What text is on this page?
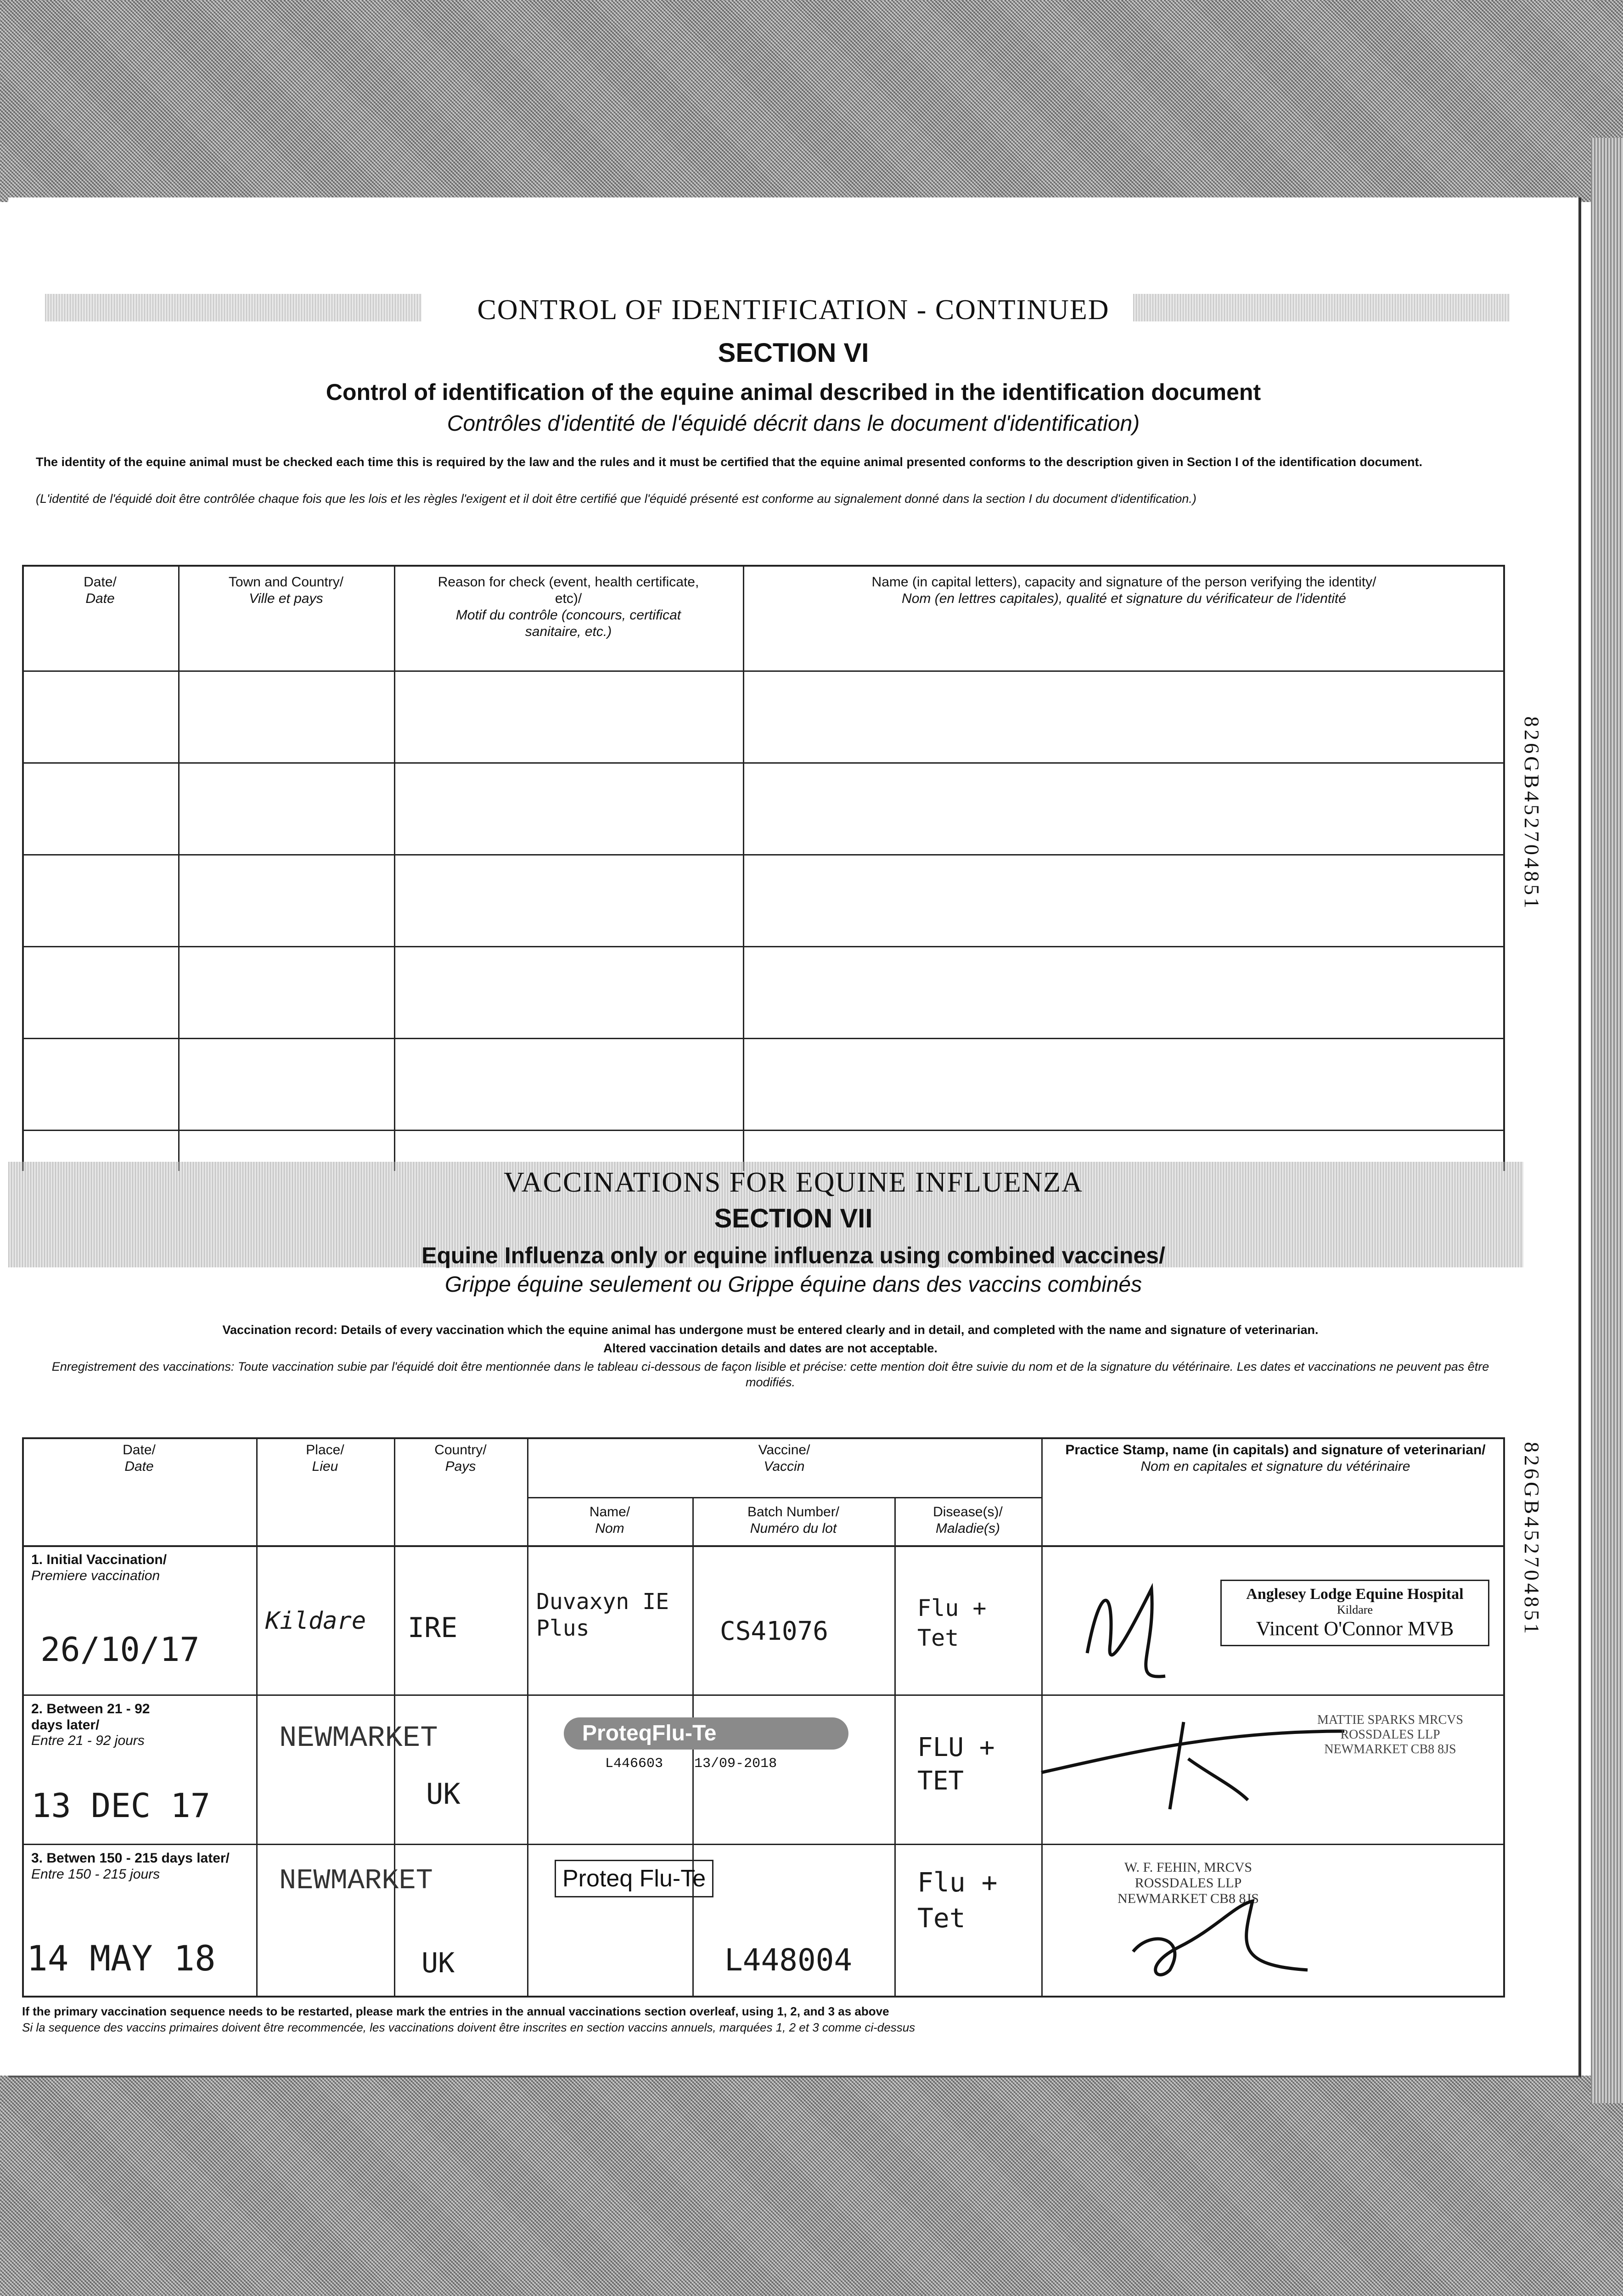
CONTROL OF IDENTIFICATION - CONTINUED
SECTION VI
Control of identification of the equine animal described in the identification document
Contrôles d'identité de l'équidé décrit dans le document d'identification)
The identity of the equine animal must be checked each time this is required by the law and the rules and it must be certified that the equine animal presented conforms to the description given in Section I of the identification document.
(L'identité de l'équidé doit être contrôlée chaque fois que les lois et les règles l'exigent et il doit être certifié que l'équidé présenté est conforme au signalement donné dans la section I du document d'identification.)
Date/
Date
Town and Country/
Ville et pays
Reason for check (event, health certificate, etc)/
Motif du contrôle (concours, certificat sanitaire, etc.)
Name (in capital letters), capacity and signature of the person verifying the identity/
Nom (en lettres capitales), qualité et signature du vérificateur de l'identité
826GB452704851
826GB452704851
VACCINATIONS FOR EQUINE INFLUENZA
SECTION VII
Equine Influenza only or equine influenza using combined vaccines/
Grippe équine seulement ou Grippe équine dans des vaccins combinés
Vaccination record: Details of every vaccination which the equine animal has undergone must be entered clearly and in detail, and completed with the name and signature of veterinarian.
Altered vaccination details and dates are not acceptable.
Enregistrement des vaccinations: Toute vaccination subie par l'équidé doit être mentionnée dans le tableau ci-dessous de façon lisible et précise: cette mention doit être suivie du nom et de la signature du vétérinaire. Les dates et vaccinations ne peuvent pas être modifiés.
Date/
Date
Place/
Lieu
Country/
Pays
Vaccine/
Vaccin
Name/
Nom
Batch Number/
Numéro du lot
Disease(s)/
Maladie(s)
Practice Stamp, name (in capitals) and signature of veterinarian/
Nom en capitales et signature du vétérinaire
1. Initial Vaccination/
Premiere vaccination
26/10/17
Kildare IRE
Duvaxyn IE Plus	CS41076
Flu + Tet
Anglesey Lodge Equine Hospital
Kildare
Vincent O'Connor MVB
2. Between 21 - 92 days later/
Entre 21 - 92 jours
13 DEC 17
NEWMARKET
UK
ProteqFlu-Te
L446603 13/09-2018
FLU + TET
MATTIE SPARKS MRCVS
ROSSDALES LLP
NEWMARKET CB8 8JS
3. Betwen 150 - 215 days later/
Entre 150 - 215 jours
14 MAY 18
NEWMARKET
UK
Proteq Flu-Te
L448004
Flu + Tet
W. F. FEHIN, MRCVS
ROSSDALES LLP
NEWMARKET CB8 8JS
If the primary vaccination sequence needs to be restarted, please mark the entries in the annual vaccinations section overleaf, using 1, 2, and 3 as above
Si la sequence des vaccins primaires doivent être recommencée, les vaccinations doivent être inscrites en section vaccins annuels, marquées 1, 2 et 3 comme ci-dessus
